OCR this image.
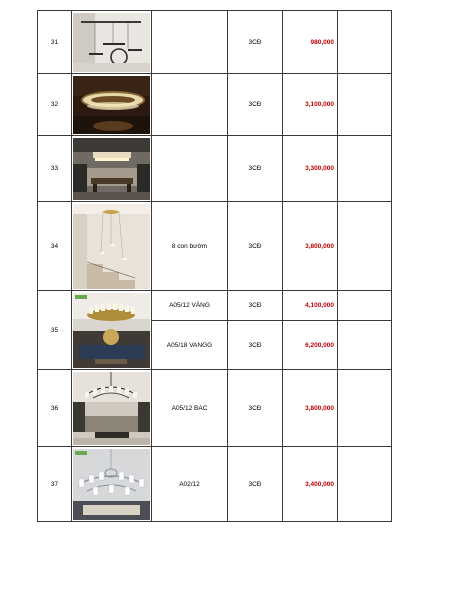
31			3CĐ	980,000	
32			3CĐ	3,100,000	
33			3CĐ	3,300,000	
34		8 con bướm	3CĐ	3,800,000	
35		A05/12 VÀNG	3CĐ	4,100,000	
		A05/18 VANGG	3CĐ	6,200,000	
36		A05/12 BAC	3CĐ	3,800,000	
37		A02/12	3CĐ	3,400,000	
